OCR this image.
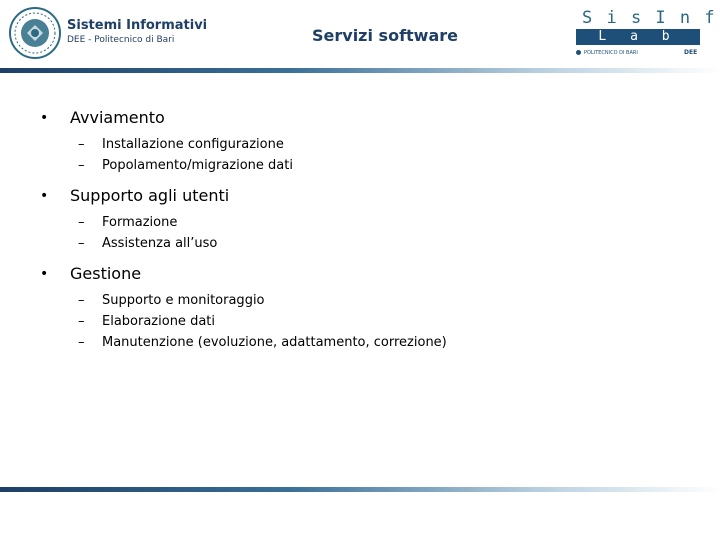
Sistemi Informativi
DEE - Politecnico di Bari	Servizi software
S i s I n f
L a b
POLITECNICO DI BARI	DEE
• Avviamento
– Installazione configurazione
– Popolamento/migrazione dati
• Supporto agli utenti
– Formazione
– Assistenza all’uso
• Gestione
– Supporto e monitoraggio
– Elaborazione dati
– Manutenzione (evoluzione, adattamento, correzione)
